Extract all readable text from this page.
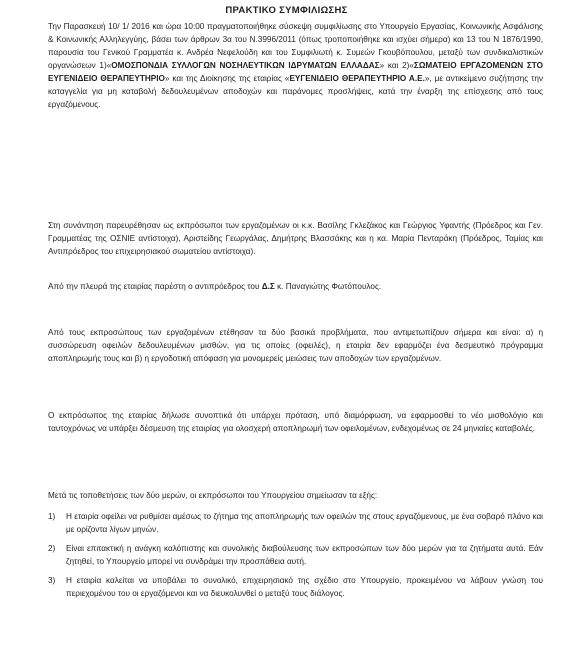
ΠΡΑΚΤΙΚΟ ΣΥΜΦΙΛΙΩΣΗΣ
Την Παρασκευή 10/ 1/ 2016 και ώρα 10:00 πραγματοποιήθηκε σύσκεψη συμφιλίωσης στο Υπουργείο Εργασίας, Κοινωνικής Ασφάλισης & Κοινωνικής Αλληλεγγύης, βάσει των άρθρων 3α του Ν.3996/2011 (όπως τροποποιήθηκε και ισχύει σήμερα) και 13 του Ν 1876/1990, παρουσία του Γενικού Γραμματέα κ. Ανδρέα Νεφελούδη και του Συμφιλιωτή κ. Συμεών Γκουβόπουλου, μεταξύ των συνδικαλιστικών οργανώσεων 1)«ΟΜΟΣΠΟΝΔΙΑ ΣΥΛΛΟΓΩΝ ΝΟΣΗΛΕΥΤΙΚΩΝ ΙΔΡΥΜΑΤΩΝ ΕΛΛΑΔΑΣ» και 2)«ΣΩΜΑΤΕΙΟ ΕΡΓΑΖΟΜΕΝΩΝ ΣΤΟ ΕΥΓΕΝΙΔΕΙΟ ΘΕΡΑΠΕΥΤΗΡΙΟ» και της Διοίκησης της εταιρίας «ΕΥΓΕΝΙΔΕΙΟ ΘΕΡΑΠΕΥΤΗΡΙΟ Α.Ε.», με αντικείμενο συζήτησης την καταγγελία για μη καταβολή δεδουλευμένων αποδοχών και παράνομες προσλήψεις, κατά την έναρξη της επίσχεσης από τους εργαζόμενους.
Στη συνάντηση παρευρέθησαν ως εκπρόσωποι των εργαζομένων οι κ.κ. Βασίλης Γκλεζάκος και Γεώργιος Υφαντής (Πρόεδρος και Γεν. Γραμματέας της ΟΣΝΙΕ αντίστοιχα), Αριστείδης Γεωργάλας, Δημήτρης Βλασσάκης και η κα. Μαρία Πενταράκη (Πρόεδρος, Ταμίας και Αντιπρόεδρος του επιχειρησιακού σωματείου αντίστοιχα).
Από την πλευρά της εταιρίας παρέστη ο αντιπρόεδρος του Δ.Σ κ. Παναγιώτης Φωτόπουλος.
Από τους εκπροσώπους των εργαζομένων ετέθησαν τα δύο βασικά προβλήματα, που αντιμετωπίζουν σήμερα και είναι: α) η συσσώρευση οφειλών δεδουλευμένων μισθών, για τις οποίες (οφειλές), η εταιρία δεν εφαρμόζει ένα δεσμευτικό πρόγραμμα αποπληρωμής τους και β) η εργοδοτική απόφαση για μονομερείς μειώσεις των αποδοχών των εργαζομένων.
Ο εκπρόσωπος της εταιρίας δήλωσε συνοπτικά ότι υπάρχει πρόταση, υπό διαμόρφωση, να εφαρμοσθεί το νέο μισθολόγιο και ταυτοχρόνως να υπάρξει δέσμευση της εταιρίας για ολοσχερή αποπληρωμή των οφειλομένων, ενδεχομένως σε 24 μηνιαίες καταβολές.
Μετά τις τοποθετήσεις των δύο μερών, οι εκπρόσωποι του Υπουργείου σημείωσαν τα εξής:
1) Η εταιρία οφείλει να ρυθμίσει αμέσως το ζήτημα της αποπληρωμής των οφειλών της στους εργαζόμενους, με ένα σοβαρό πλάνο και με ορίζοντα λίγων μηνών.
2) Είναι επιτακτική η ανάγκη καλόπιστης και συνολικής διαβούλευσης των εκπροσώπων των δύο μερών για τα ζητήματα αυτά. Εάν ζητηθεί, το Υπουργείο μπορεί να συνδράμει την προσπάθεια αυτή.
3) Η εταιρία καλείται να υποβάλει το συνολικό, επιχειρησιακό της σχέδιο στο Υπουργείο, προκειμένου να λάβουν γνώση του περιεχομένου του οι εργαζόμενοι και να διευκολυνθεί ο μεταξύ τους διάλογος.
